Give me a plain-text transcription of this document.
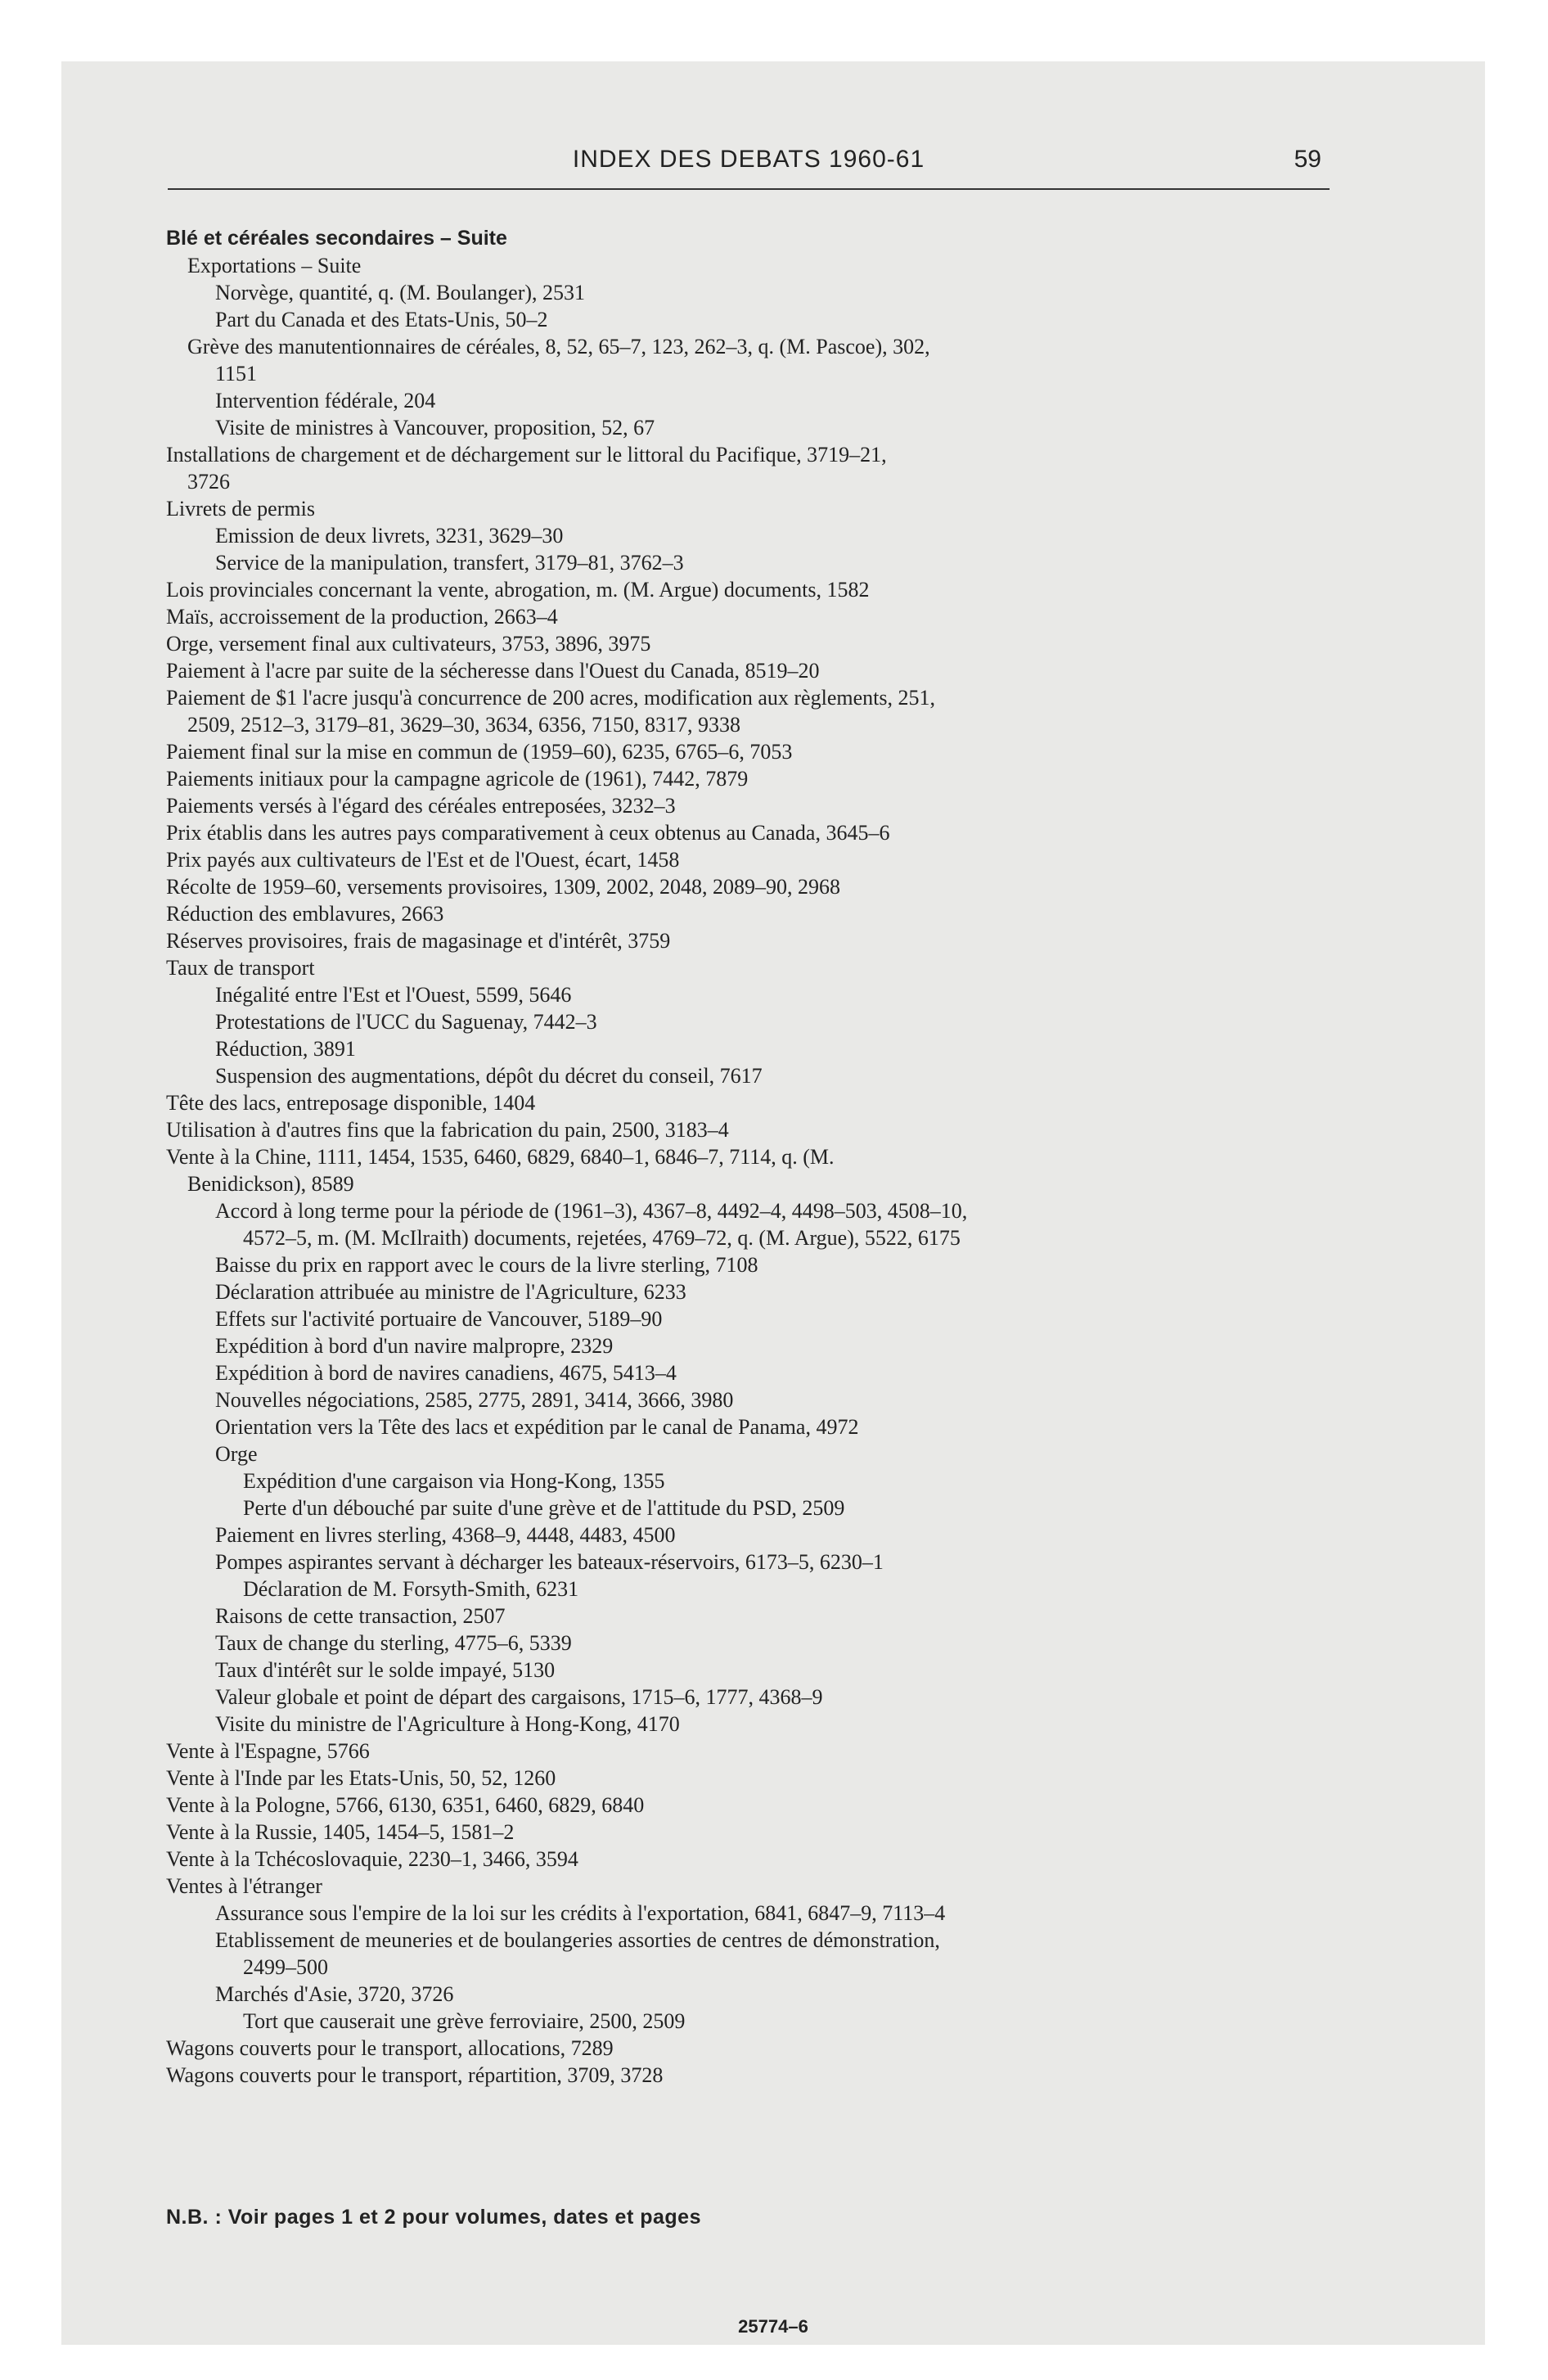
INDEX DES DEBATS 1960-61	59
Blé et céréales secondaires – Suite
Exportations – Suite
Norvège, quantité, q. (M. Boulanger), 2531
Part du Canada et des Etats-Unis, 50–2
Grève des manutentionnaires de céréales, 8, 52, 65–7, 123, 262–3, q. (M. Pascoe), 302,
1151
Intervention fédérale, 204
Visite de ministres à Vancouver, proposition, 52, 67
Installations de chargement et de déchargement sur le littoral du Pacifique, 3719–21,
3726
Livrets de permis
Emission de deux livrets, 3231, 3629–30
Service de la manipulation, transfert, 3179–81, 3762–3
Lois provinciales concernant la vente, abrogation, m. (M. Argue) documents, 1582
Maïs, accroissement de la production, 2663–4
Orge, versement final aux cultivateurs, 3753, 3896, 3975
Paiement à l'acre par suite de la sécheresse dans l'Ouest du Canada, 8519–20
Paiement de $1 l'acre jusqu'à concurrence de 200 acres, modification aux règlements, 251,
2509, 2512–3, 3179–81, 3629–30, 3634, 6356, 7150, 8317, 9338
Paiement final sur la mise en commun de (1959–60), 6235, 6765–6, 7053
Paiements initiaux pour la campagne agricole de (1961), 7442, 7879
Paiements versés à l'égard des céréales entreposées, 3232–3
Prix établis dans les autres pays comparativement à ceux obtenus au Canada, 3645–6
Prix payés aux cultivateurs de l'Est et de l'Ouest, écart, 1458
Récolte de 1959–60, versements provisoires, 1309, 2002, 2048, 2089–90, 2968
Réduction des emblavures, 2663
Réserves provisoires, frais de magasinage et d'intérêt, 3759
Taux de transport
Inégalité entre l'Est et l'Ouest, 5599, 5646
Protestations de l'UCC du Saguenay, 7442–3
Réduction, 3891
Suspension des augmentations, dépôt du décret du conseil, 7617
Tête des lacs, entreposage disponible, 1404
Utilisation à d'autres fins que la fabrication du pain, 2500, 3183–4
Vente à la Chine, 1111, 1454, 1535, 6460, 6829, 6840–1, 6846–7, 7114, q. (M.
Benidickson), 8589
Accord à long terme pour la période de (1961–3), 4367–8, 4492–4, 4498–503, 4508–10,
4572–5, m. (M. McIlraith) documents, rejetées, 4769–72, q. (M. Argue), 5522, 6175
Baisse du prix en rapport avec le cours de la livre sterling, 7108
Déclaration attribuée au ministre de l'Agriculture, 6233
Effets sur l'activité portuaire de Vancouver, 5189–90
Expédition à bord d'un navire malpropre, 2329
Expédition à bord de navires canadiens, 4675, 5413–4
Nouvelles négociations, 2585, 2775, 2891, 3414, 3666, 3980
Orientation vers la Tête des lacs et expédition par le canal de Panama, 4972
Orge
Expédition d'une cargaison via Hong-Kong, 1355
Perte d'un débouché par suite d'une grève et de l'attitude du PSD, 2509
Paiement en livres sterling, 4368–9, 4448, 4483, 4500
Pompes aspirantes servant à décharger les bateaux-réservoirs, 6173–5, 6230–1
Déclaration de M. Forsyth-Smith, 6231
Raisons de cette transaction, 2507
Taux de change du sterling, 4775–6, 5339
Taux d'intérêt sur le solde impayé, 5130
Valeur globale et point de départ des cargaisons, 1715–6, 1777, 4368–9
Visite du ministre de l'Agriculture à Hong-Kong, 4170
Vente à l'Espagne, 5766
Vente à l'Inde par les Etats-Unis, 50, 52, 1260
Vente à la Pologne, 5766, 6130, 6351, 6460, 6829, 6840
Vente à la Russie, 1405, 1454–5, 1581–2
Vente à la Tchécoslovaquie, 2230–1, 3466, 3594
Ventes à l'étranger
Assurance sous l'empire de la loi sur les crédits à l'exportation, 6841, 6847–9, 7113–4
Etablissement de meuneries et de boulangeries assorties de centres de démonstration,
2499–500
Marchés d'Asie, 3720, 3726
Tort que causerait une grève ferroviaire, 2500, 2509
Wagons couverts pour le transport, allocations, 7289
Wagons couverts pour le transport, répartition, 3709, 3728
N.B. : Voir pages 1 et 2 pour volumes, dates et pages
25774–6
